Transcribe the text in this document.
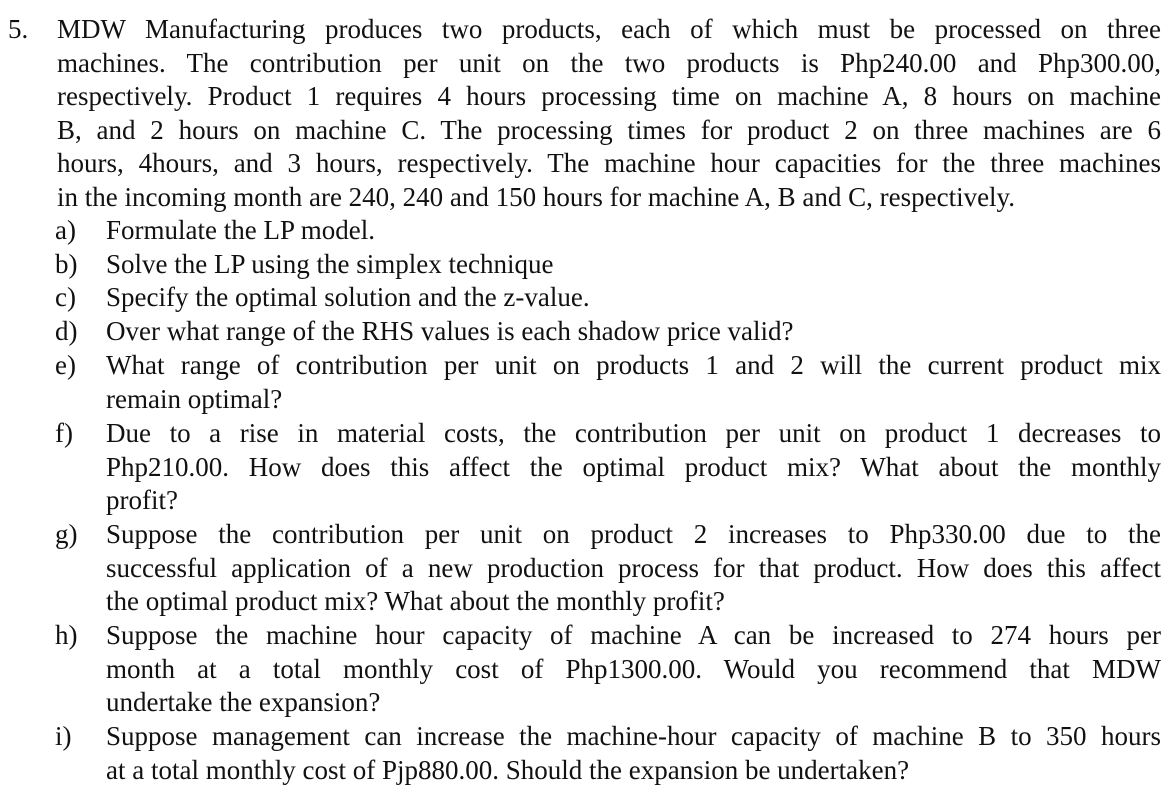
5. MDW Manufacturing produces two products, each of which must be processed on three
machines. The contribution per unit on the two products is Php240.00 and Php300.00,
respectively. Product 1 requires 4 hours processing time on machine A, 8 hours on machine
B, and 2 hours on machine C. The processing times for product 2 on three machines are 6
hours, 4hours, and 3 hours, respectively. The machine hour capacities for the three machines
in the incoming month are 240, 240 and 150 hours for machine A, B and C, respectively.
a)	Formulate the LP model.
b)	Solve the LP using the simplex technique
c)	Specify the optimal solution and the z-value.
d)	Over what range of the RHS values is each shadow price valid?
e)	What range of contribution per unit on products 1 and 2 will the current product mix
remain optimal?
f)	Due to a rise in material costs, the contribution per unit on product 1 decreases to
Php210.00. How does this affect the optimal product mix? What about the monthly
profit?
g)	Suppose the contribution per unit on product 2 increases to Php330.00 due to the
successful application of a new production process for that product. How does this affect
the optimal product mix? What about the monthly profit?
h)	Suppose the machine hour capacity of machine A can be increased to 274 hours per
month at a total monthly cost of Php1300.00. Would you recommend that MDW
undertake the expansion?
i)	Suppose management can increase the machine-hour capacity of machine B to 350 hours
at a total monthly cost of Pjp880.00. Should the expansion be undertaken?
